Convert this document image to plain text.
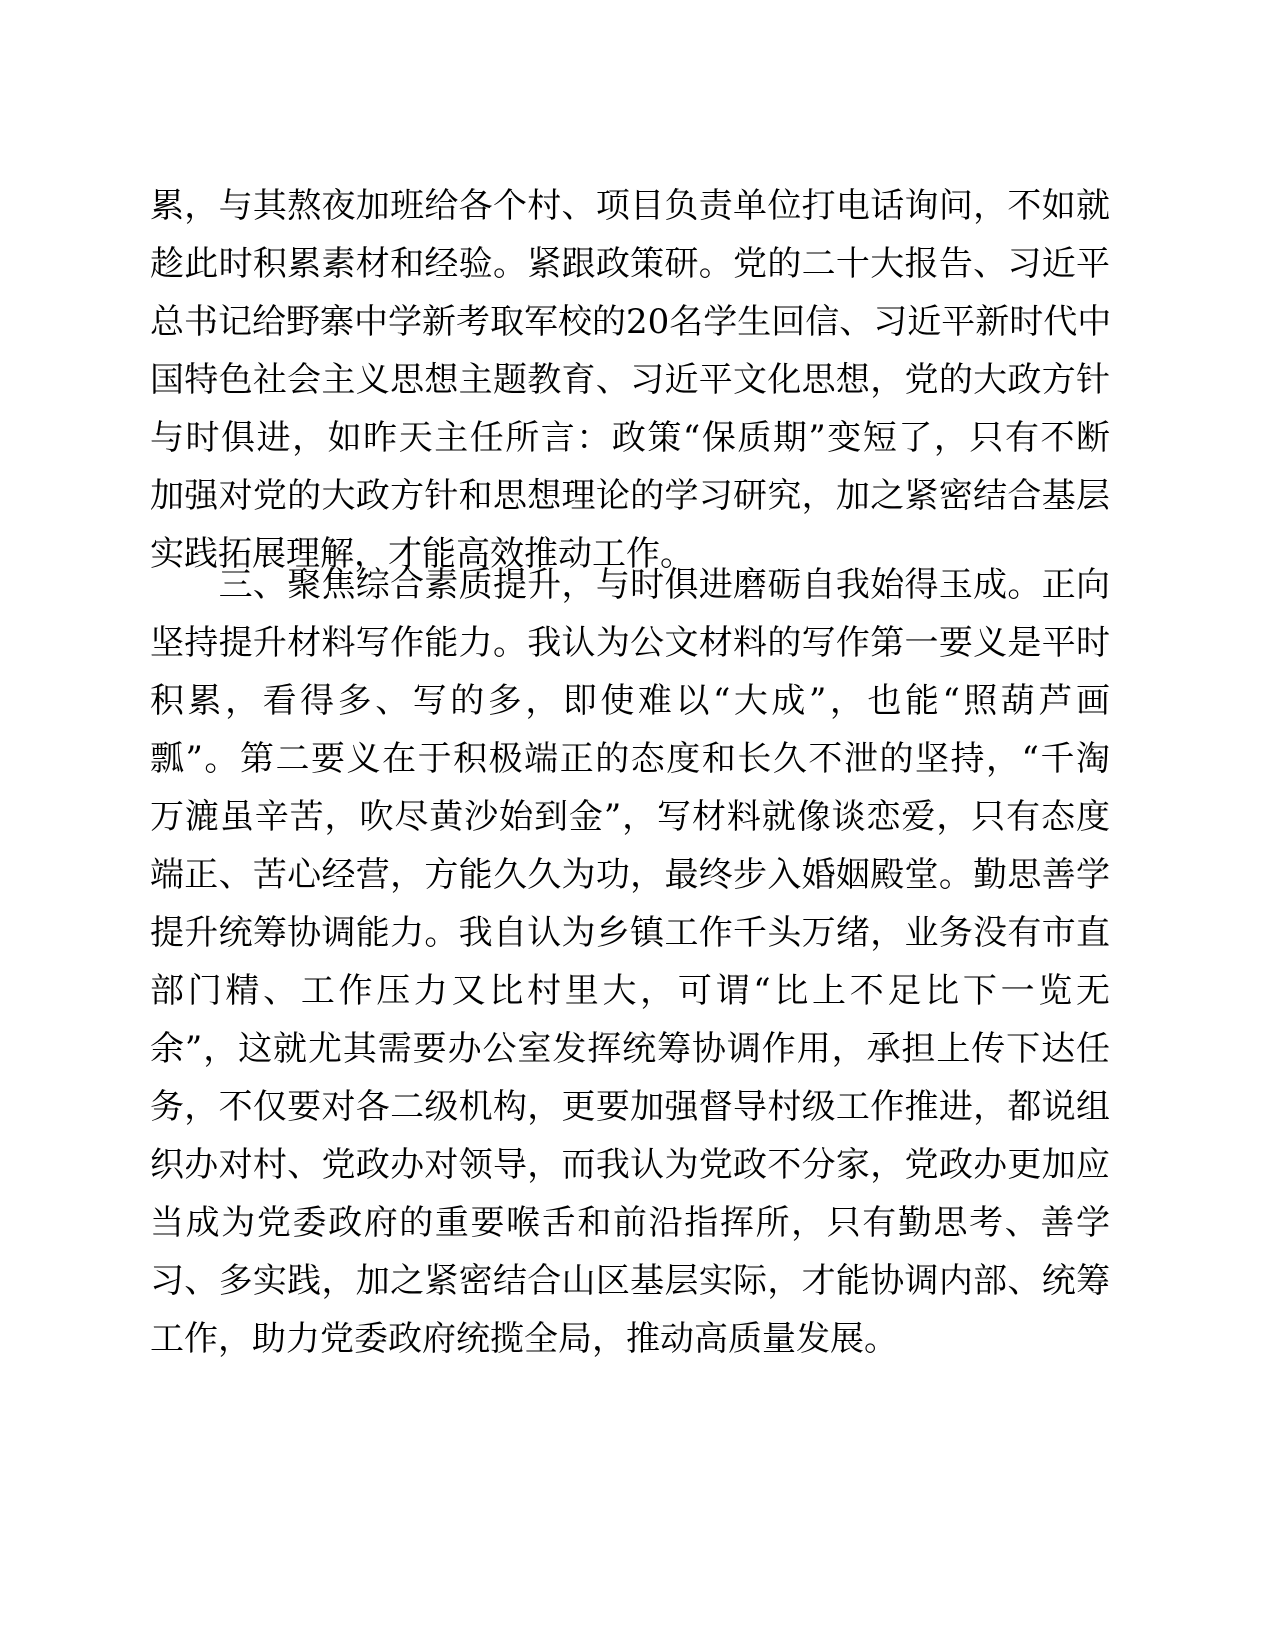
累，与其熬夜加班给各个村、项目负责单位打电话询问，不如就
趁此时积累素材和经验。紧跟政策研。党的二十大报告、习近平
总书记给野寨中学新考取军校的20名学生回信、习近平新时代中
国特色社会主义思想主题教育、习近平文化思想，党的大政方针
与时俱进，如昨天主任所言：政策“保质期”变短了，只有不断
加强对党的大政方针和思想理论的学习研究，加之紧密结合基层
实践拓展理解，才能高效推动工作。
　　三、聚焦综合素质提升，与时俱进磨砺自我始得玉成。正向
坚持提升材料写作能力。我认为公文材料的写作第一要义是平时
积累，看得多、写的多，即使难以“大成”，也能“照葫芦画
瓢”。第二要义在于积极端正的态度和长久不泄的坚持，“千淘
万漉虽辛苦，吹尽黄沙始到金”，写材料就像谈恋爱，只有态度
端正、苦心经营，方能久久为功，最终步入婚姻殿堂。勤思善学
提升统筹协调能力。我自认为乡镇工作千头万绪，业务没有市直
部门精、工作压力又比村里大，可谓“比上不足比下一览无
余”，这就尤其需要办公室发挥统筹协调作用，承担上传下达任
务，不仅要对各二级机构，更要加强督导村级工作推进，都说组
织办对村、党政办对领导，而我认为党政不分家，党政办更加应
当成为党委政府的重要喉舌和前沿指挥所，只有勤思考、善学
习、多实践，加之紧密结合山区基层实际，才能协调内部、统筹
工作，助力党委政府统揽全局，推动高质量发展。
